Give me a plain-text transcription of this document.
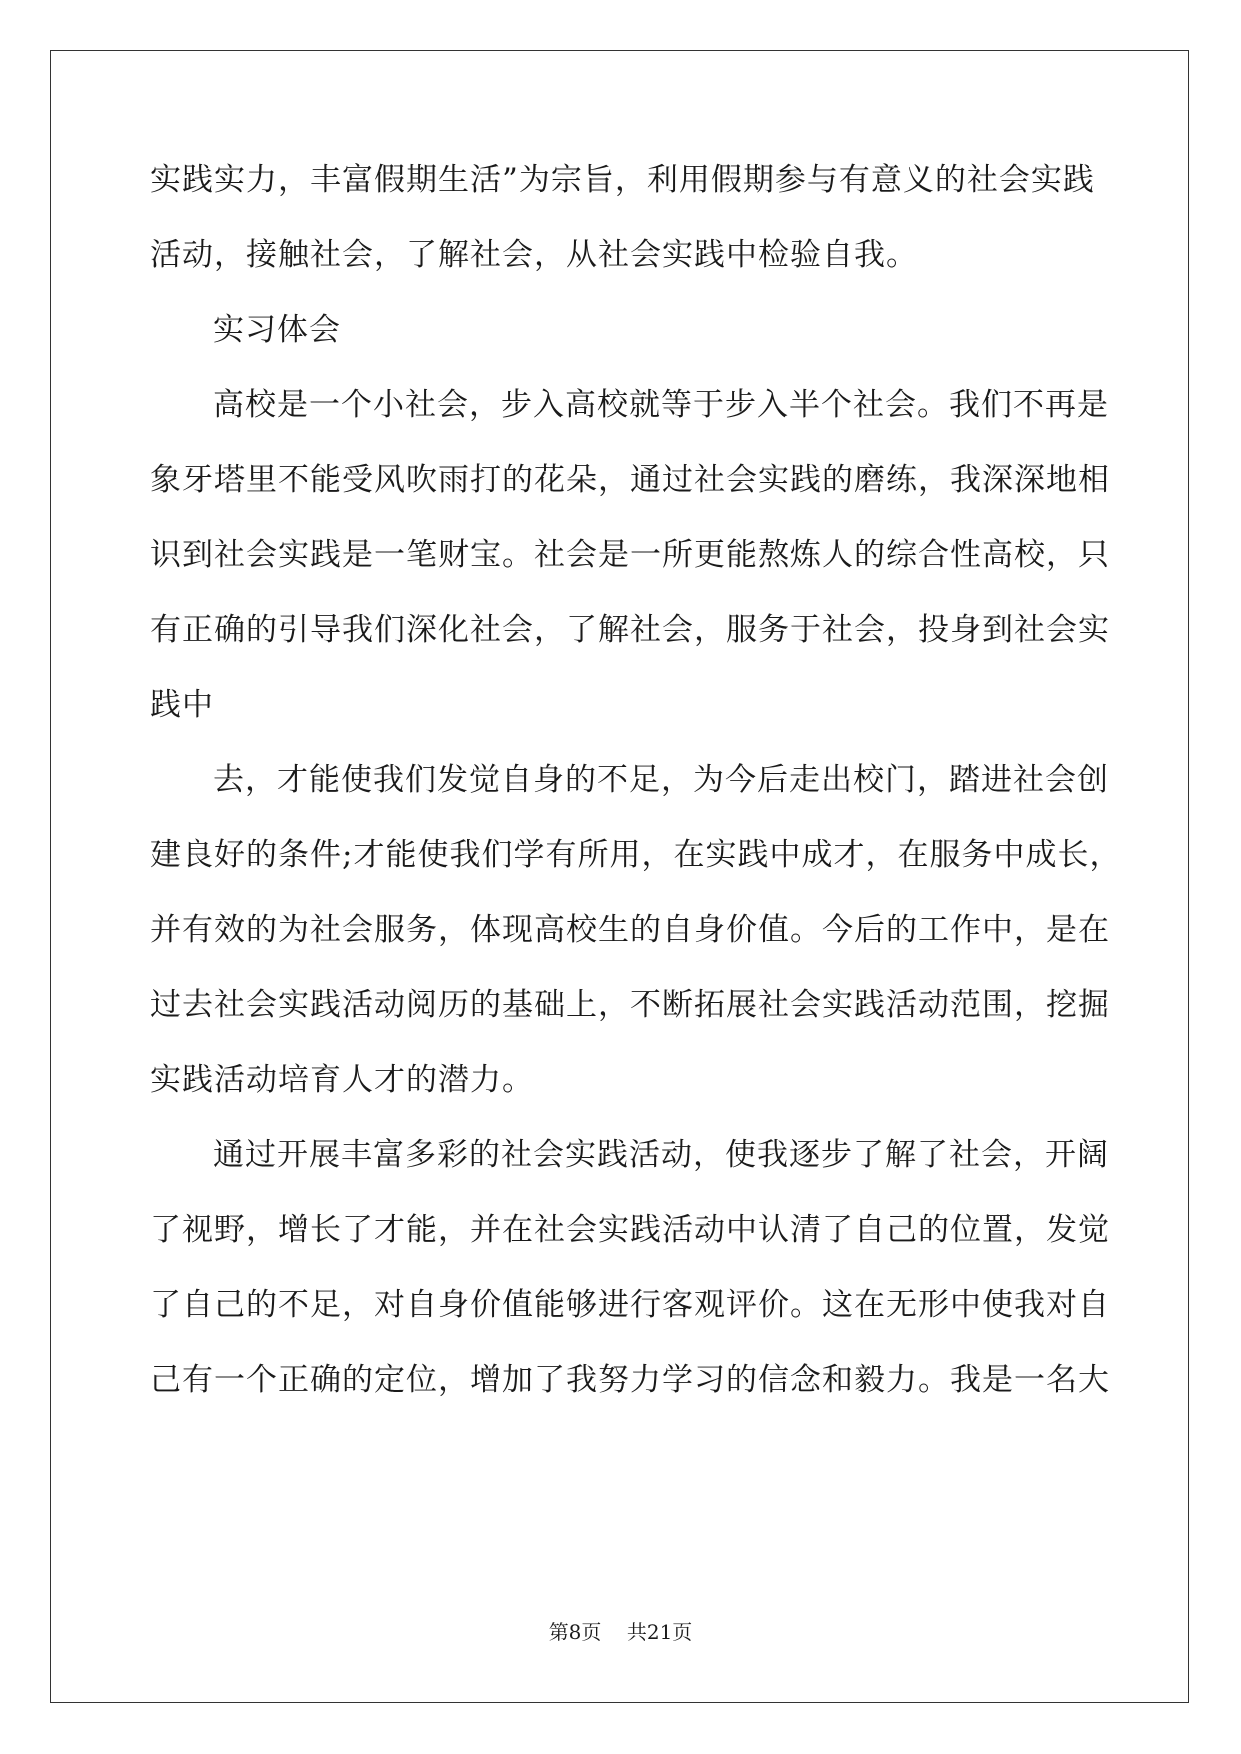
实践实力，丰富假期生活”为宗旨，利用假期参与有意义的社会实践
活动，接触社会，了解社会，从社会实践中检验自我。
实习体会
高校是一个小社会，步入高校就等于步入半个社会。我们不再是
象牙塔里不能受风吹雨打的花朵，通过社会实践的磨练，我深深地相
识到社会实践是一笔财宝。社会是一所更能熬炼人的综合性高校，只
有正确的引导我们深化社会，了解社会，服务于社会，投身到社会实
践中
去，才能使我们发觉自身的不足，为今后走出校门，踏进社会创
建良好的条件;才能使我们学有所用，在实践中成才，在服务中成长，
并有效的为社会服务，体现高校生的自身价值。今后的工作中，是在
过去社会实践活动阅历的基础上，不断拓展社会实践活动范围，挖掘
实践活动培育人才的潜力。
通过开展丰富多彩的社会实践活动，使我逐步了解了社会，开阔
了视野，增长了才能，并在社会实践活动中认清了自己的位置，发觉
了自己的不足，对自身价值能够进行客观评价。这在无形中使我对自
己有一个正确的定位，增加了我努力学习的信念和毅力。我是一名大
第8页 共21页
